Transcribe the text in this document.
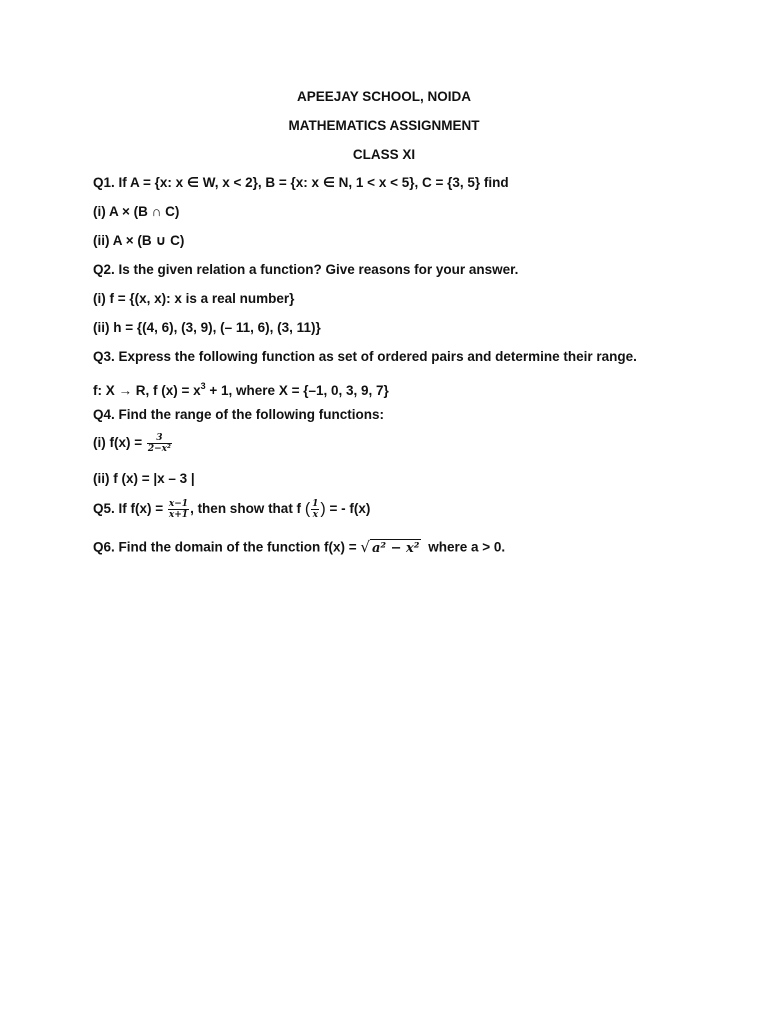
APEEJAY SCHOOL, NOIDA
MATHEMATICS ASSIGNMENT
CLASS XI
Q1. If A = {x: x ∈ W, x < 2}, B = {x: x ∈ N, 1 < x < 5}, C = {3, 5} find
(i) A × (B ∩ C)
(ii) A × (B ∪ C)
Q2. Is the given relation a function? Give reasons for your answer.
(i) f = {(x, x): x is a real number}
(ii) h = {(4, 6), (3, 9), (– 11, 6), (3, 11)}
Q3. Express the following function as set of ordered pairs and determine their range.
f: X → R, f $(x) = x^3 + 1$, where X = {–1, 0, 3, 9, 7}
Q4. Find the range of the following functions:
(i) $f(x) = \frac{3}{\text{2−x²}}$
(ii) f (x) = |x – 3 |
Q5. If $f(x) = \frac{x-1}{x+1}$ , then show that f ( $\frac{1}{x}$ ) = - f(x)
Q6. Find the domain of the function f(x) = √ a² − x² where a > 0.
